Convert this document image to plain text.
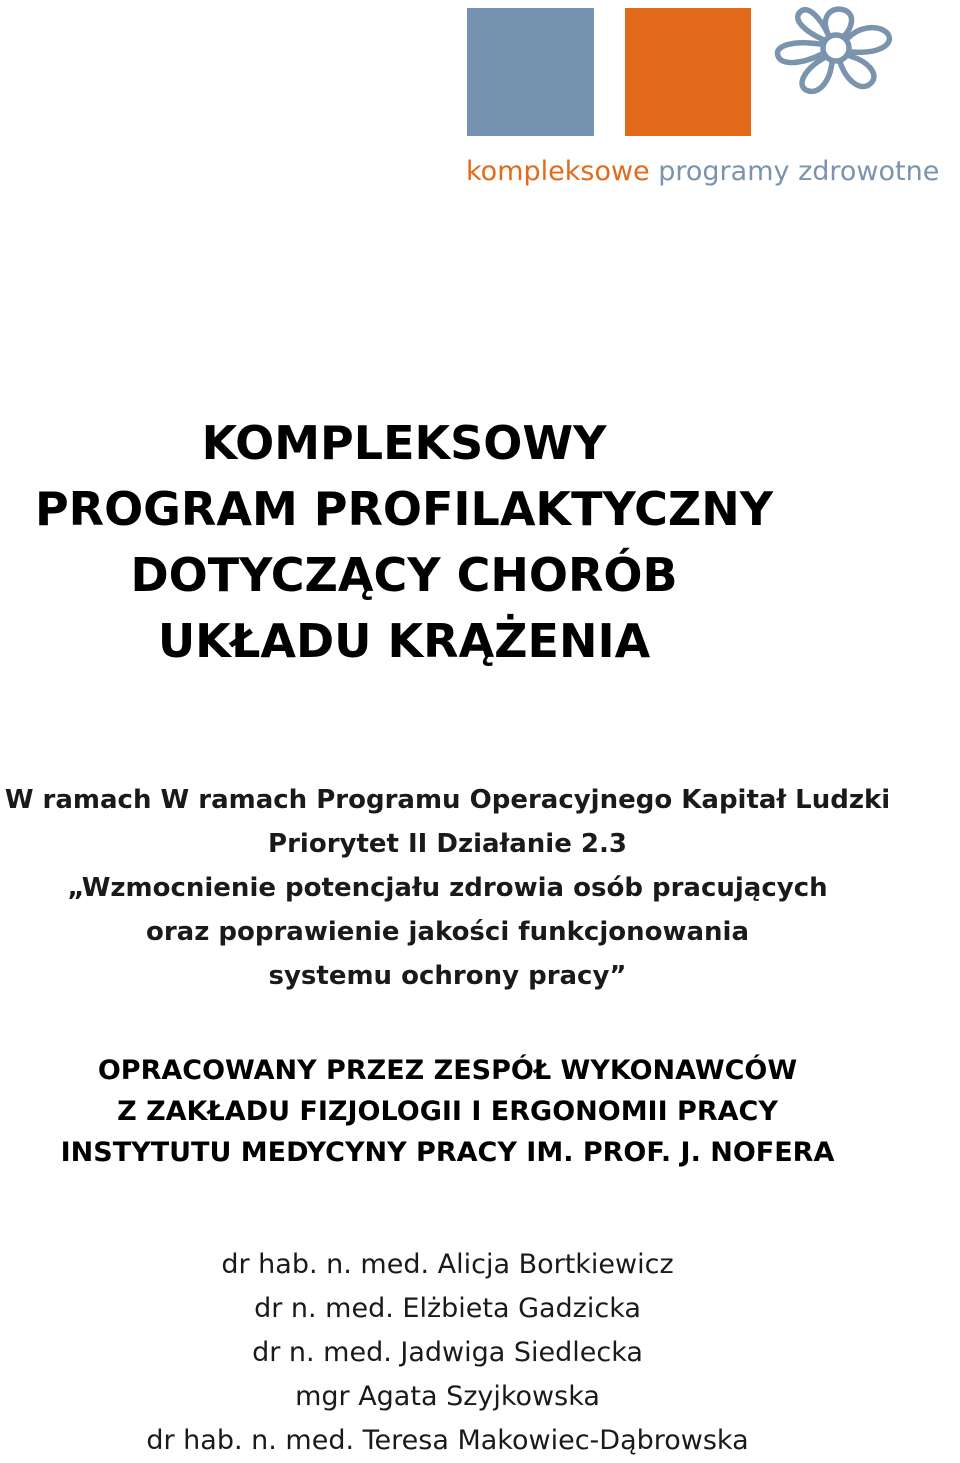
kompleksowe programy zdrowotne
KOMPLEKSOWY
PROGRAM PROFILAKTYCZNY
DOTYCZĄCY CHORÓB
UKŁADU KRĄŻENIA
W ramach W ramach Programu Operacyjnego Kapitał Ludzki
Priorytet II Działanie 2.3
„Wzmocnienie potencjału zdrowia osób pracujących
oraz poprawienie jakości funkcjonowania
systemu ochrony pracy”
OPRACOWANY PRZEZ ZESPÓŁ WYKONAWCÓW
Z ZAKŁADU FIZJOLOGII I ERGONOMII PRACY
INSTYTUTU MEDYCYNY PRACY IM. PROF. J. NOFERA
dr hab. n. med. Alicja Bortkiewicz
dr n. med. Elżbieta Gadzicka
dr n. med. Jadwiga Siedlecka
mgr Agata Szyjkowska
dr hab. n. med. Teresa Makowiec-Dąbrowska
